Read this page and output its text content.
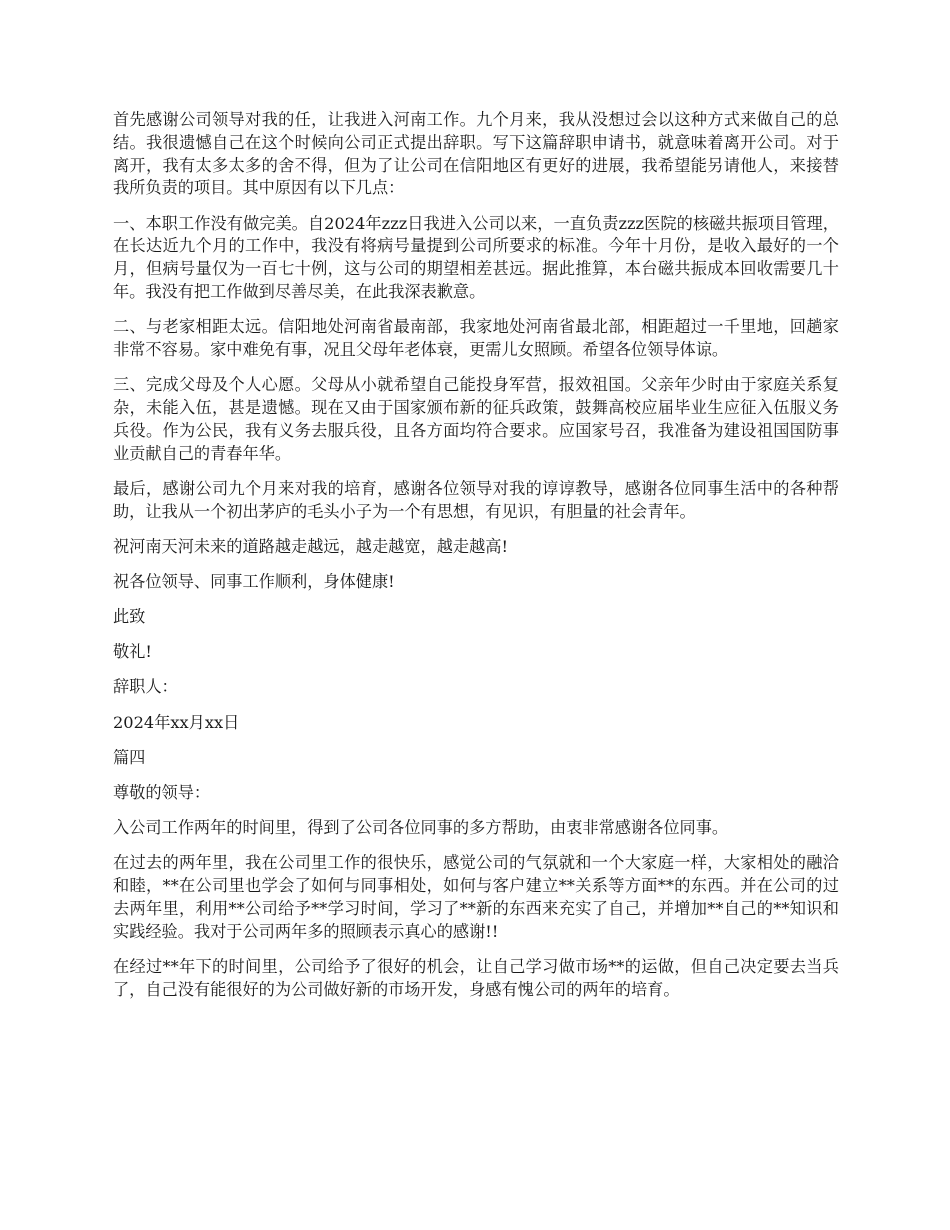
首先感谢公司领导对我的任，让我进入河南工作。九个月来，我从没想过会以这种方式来做自己的总结。我很遗憾自己在这个时候向公司正式提出辞职。写下这篇辞职申请书，就意味着离开公司。对于离开，我有太多太多的舍不得，但为了让公司在信阳地区有更好的进展，我希望能另请他人，来接替我所负责的项目。其中原因有以下几点：

一、本职工作没有做完美。自2024年zzz日我进入公司以来，一直负责zzz医院的核磁共振项目管理，在长达近九个月的工作中，我没有将病号量提到公司所要求的标准。今年十月份，是收入最好的一个月，但病号量仅为一百七十例，这与公司的期望相差甚远。据此推算，本台磁共振成本回收需要几十年。我没有把工作做到尽善尽美，在此我深表歉意。

二、与老家相距太远。信阳地处河南省最南部，我家地处河南省最北部，相距超过一千里地，回趟家非常不容易。家中难免有事，况且父母年老体衰，更需儿女照顾。希望各位领导体谅。

三、完成父母及个人心愿。父母从小就希望自己能投身军营，报效祖国。父亲年少时由于家庭关系复杂，未能入伍，甚是遗憾。现在又由于国家颁布新的征兵政策，鼓舞高校应届毕业生应征入伍服义务兵役。作为公民，我有义务去服兵役，且各方面均符合要求。应国家号召，我准备为建设祖国国防事业贡献自己的青春年华。

最后，感谢公司九个月来对我的培育，感谢各位领导对我的谆谆教导，感谢各位同事生活中的各种帮助，让我从一个初出茅庐的毛头小子为一个有思想，有见识，有胆量的社会青年。

祝河南天河未来的道路越走越远，越走越宽，越走越高!

祝各位领导、同事工作顺利，身体健康!

此致

敬礼!

辞职人：

2024年xx月xx日

篇四

尊敬的领导：

入公司工作两年的时间里，得到了公司各位同事的多方帮助，由衷非常感谢各位同事。

在过去的两年里，我在公司里工作的很快乐，感觉公司的气氛就和一个大家庭一样，大家相处的融洽和睦，**在公司里也学会了如何与同事相处，如何与客户建立**关系等方面**的东西。并在公司的过去两年里，利用**公司给予**学习时间，学习了**新的东西来充实了自己，并增加**自己的**知识和实践经验。我对于公司两年多的照顾表示真心的感谢!!

在经过**年下的时间里，公司给予了很好的机会，让自己学习做市场**的运做，但自己决定要去当兵了，自己没有能很好的为公司做好新的市场开发，身感有愧公司的两年的培育。
